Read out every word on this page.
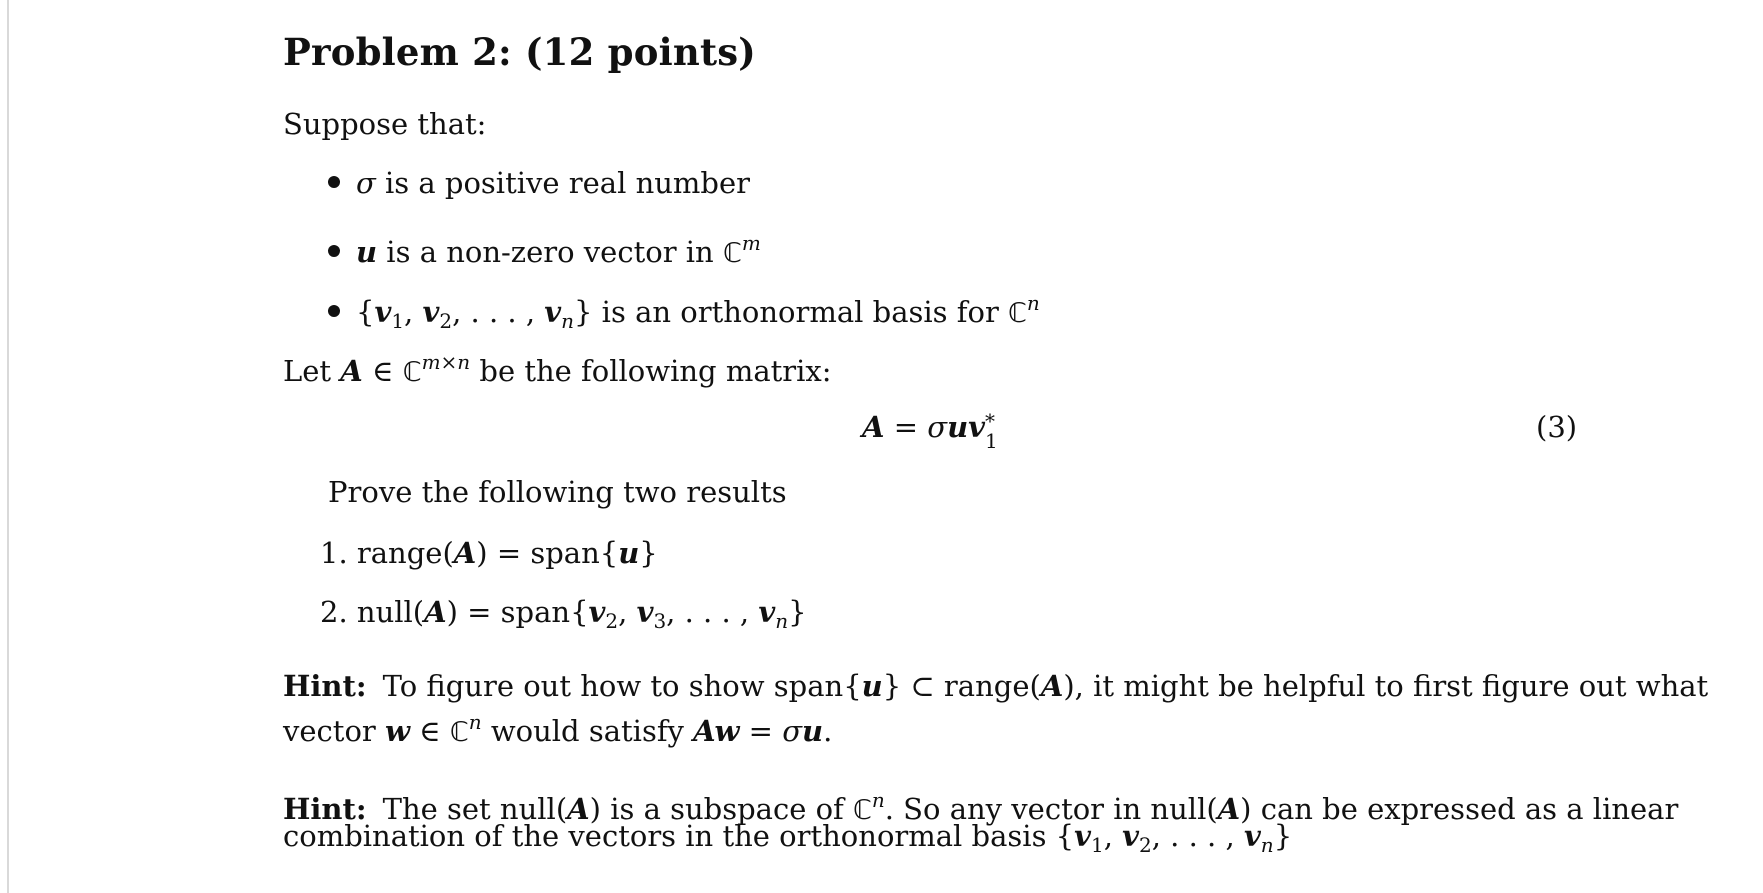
Problem 2: (12 points)
Suppose that:
σ is a positive real number
u is a non-zero vector in ℂ$^m$
{$v_1$, $v_2$, . . . , $v_n$} is an orthonormal basis for ℂ$^n$
Let A ∈ ℂ$^{m\times n}$ be the following matrix:
A = σuv *
1	(3)
Prove the following two results
1. range(A) = span{u}
2. null(A) = $span\{v_2$, $v_3$, . . . , $v_n$}
Hint: To figure out how to show span{u} ⊂ range(A), it might be helpful to first figure out what
vector w ∈ ℂ$^n$ would satisfy Aw = σu.
Hint: The set null(A) is a subspace of ℂ$^n$. So any vector in null(A) can be expressed as a linear
combination of the vectors in the orthonormal basis {$v_1$, $v_2$, . . . , $v_n$}
